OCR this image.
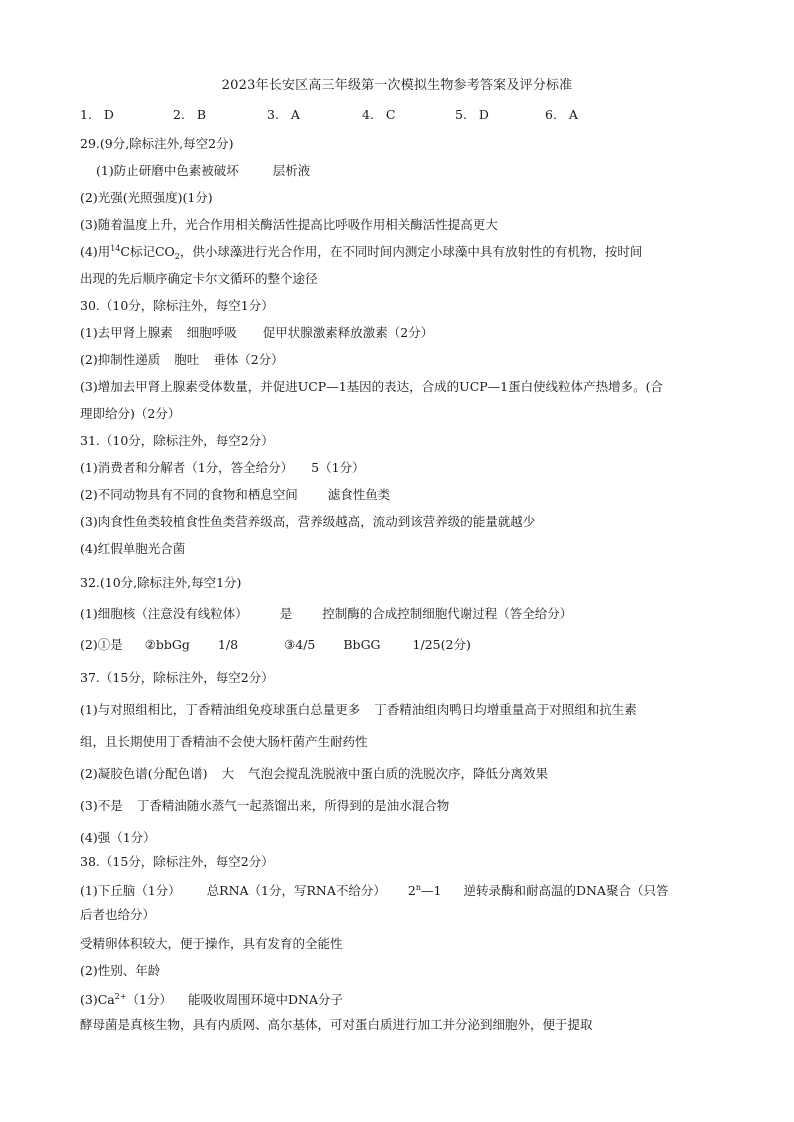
2023年长安区高三年级第一次模拟生物参考答案及评分标准
1. D	2. B	3. A	4. C	5. D	6. A
29.(9分,除标注外,每空2分)
(1)防止研磨中色素被破坏	层析液
(2)光强(光照强度)(1分)
(3)随着温度上升，光合作用相关酶活性提高比呼吸作用相关酶活性提高更大
(4)用$^{14}$C标记$CO_2$，供小球藻进行光合作用，在不同时间内测定小球藻中具有放射性的有机物，按时间
出现的先后顺序确定卡尔文循环的整个途径
30.（10分，除标注外，每空1分）
(1)去甲肾上腺素 细胞呼吸 促甲状腺激素释放激素（2分）
(2)抑制性递质 胞吐 垂体（2分）
(3)增加去甲肾上腺素受体数量，并促进UCP—1基因的表达，合成的UCP—1蛋白使线粒体产热增多。(合
理即给分)（2分）
31.（10分，除标注外，每空2分）
(1)消费者和分解者（1分，答全给分） 5（1分）
(2)不同动物具有不同的食物和栖息空间 滤食性鱼类
(3)肉食性鱼类较植食性鱼类营养级高，营养级越高，流动到该营养级的能量就越少
(4)红假单胞光合菌
32.(10分,除标注外,每空1分)
(1)细胞核（注意没有线粒体）	是 控制酶的合成控制细胞代谢过程（答全给分）
(2)①是 ②bbGg 1/8	③4/5 BbGG	1/25(2分)
37.（15分，除标注外，每空2分）
(1)与对照组相比，丁香精油组免疫球蛋白总量更多 丁香精油组肉鸭日均增重量高于对照组和抗生素
组，且长期使用丁香精油不会使大肠杆菌产生耐药性
(2)凝胶色谱(分配色谱) 大 气泡会搅乱洗脱液中蛋白质的洗脱次序，降低分离效果
(3)不是 丁香精油随水蒸气一起蒸馏出来，所得到的是油水混合物
(4)强（1分）
38.（15分，除标注外，每空2分）
(1)下丘脑（1分） 总RNA（1分，写RNA不给分） 2$^n$—1 逆转录酶和耐高温的DNA聚合（只答
后者也给分）
受精卵体积较大，便于操作，具有发育的全能性
(2)性别、年龄
$(3)Ca^{2+}(1$分） 能吸收周围环境中DNA分子
酵母菌是真核生物，具有内质网、高尔基体，可对蛋白质进行加工并分泌到细胞外，便于提取
